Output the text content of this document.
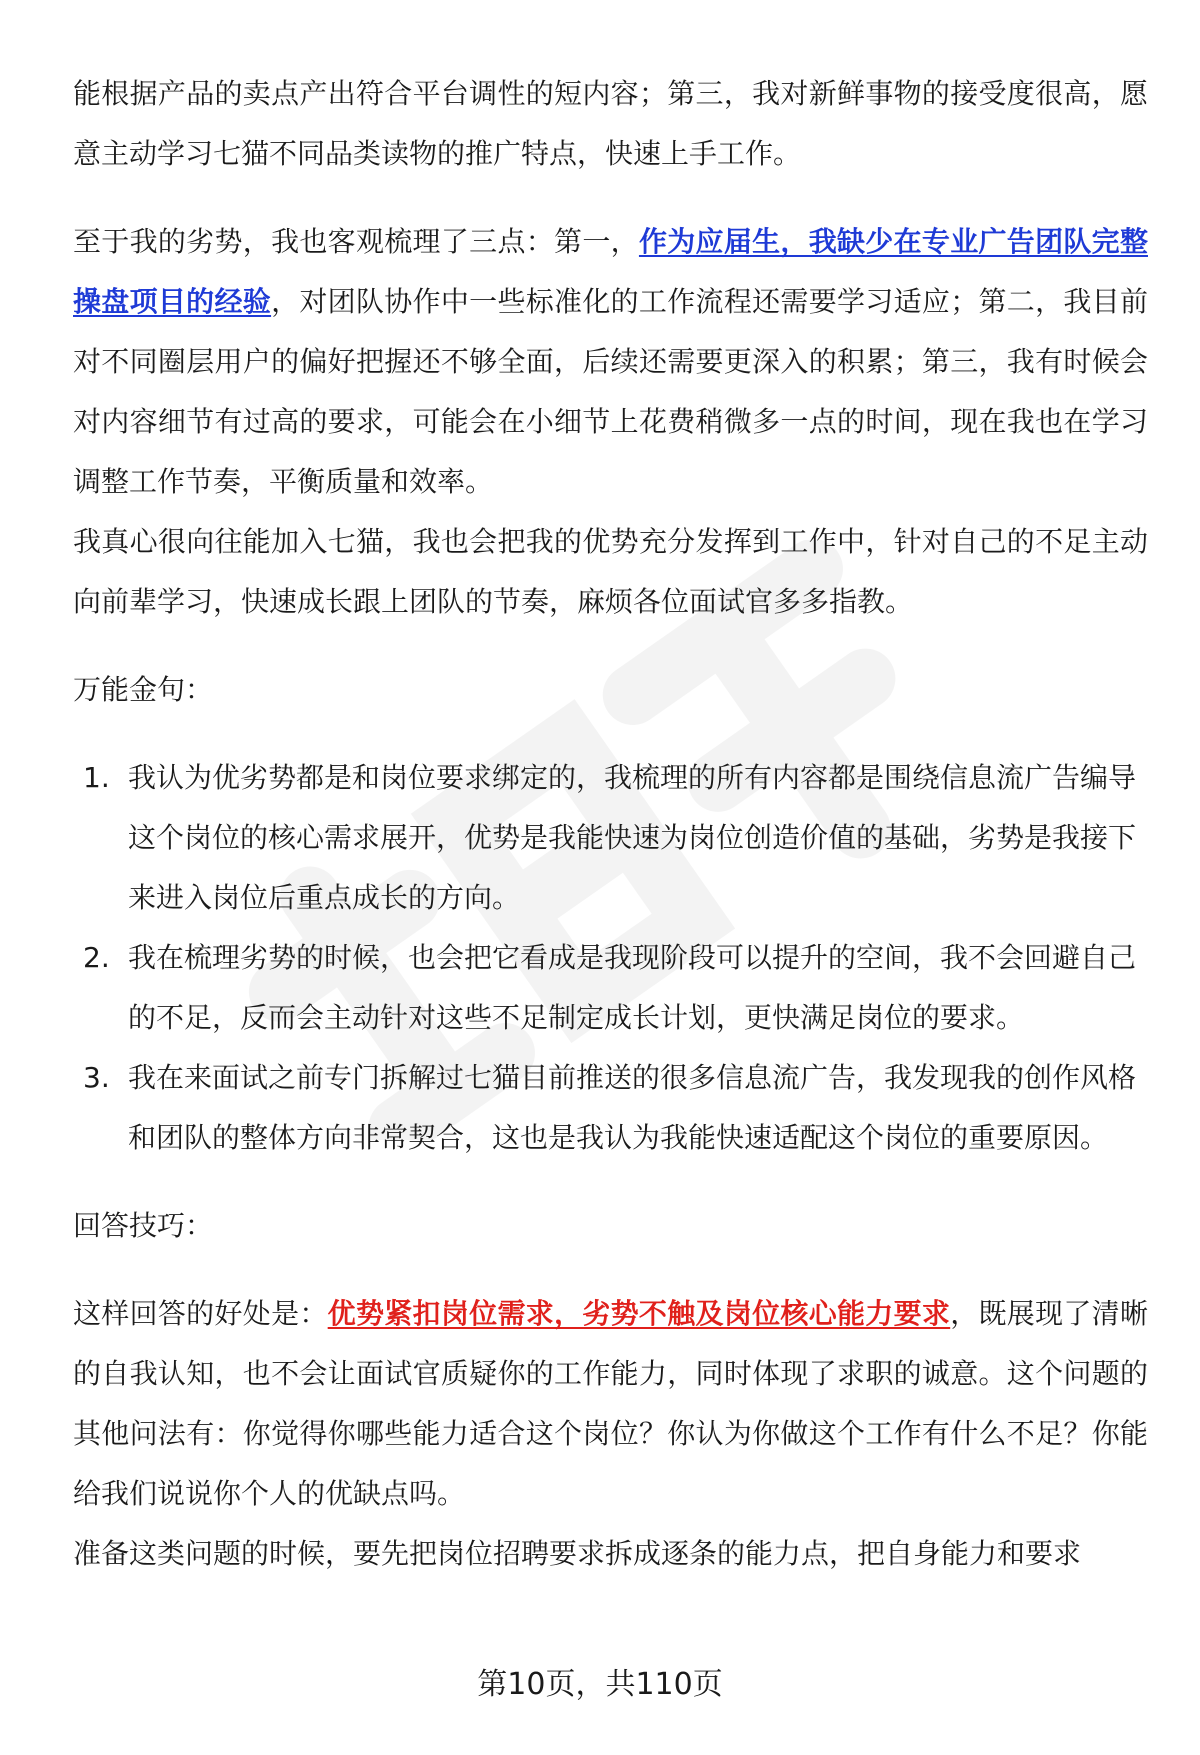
能根据产品的卖点产出符合平台调性的短内容；第三，我对新鲜事物的接受度很高，愿意主动学习七猫不同品类读物的推广特点，快速上手工作。

至于我的劣势，我也客观梳理了三点：第一，作为应届生，我缺少在专业广告团队完整操盘项目的经验，对团队协作中一些标准化的工作流程还需要学习适应；第二，我目前对不同圈层用户的偏好把握还不够全面，后续还需要更深入的积累；第三，我有时候会对内容细节有过高的要求，可能会在小细节上花费稍微多一点的时间，现在我也在学习调整工作节奏，平衡质量和效率。

我真心很向往能加入七猫，我也会把我的优势充分发挥到工作中，针对自己的不足主动向前辈学习，快速成长跟上团队的节奏，麻烦各位面试官多多指教。

万能金句：

1. 我认为优劣势都是和岗位要求绑定的，我梳理的所有内容都是围绕信息流广告编导这个岗位的核心需求展开，优势是我能快速为岗位创造价值的基础，劣势是我接下来进入岗位后重点成长的方向。
2. 我在梳理劣势的时候，也会把它看成是我现阶段可以提升的空间，我不会回避自己的不足，反而会主动针对这些不足制定成长计划，更快满足岗位的要求。
3. 我在来面试之前专门拆解过七猫目前推送的很多信息流广告，我发现我的创作风格和团队的整体方向非常契合，这也是我认为我能快速适配这个岗位的重要原因。

回答技巧：

这样回答的好处是：优势紧扣岗位需求，劣势不触及岗位核心能力要求，既展现了清晰的自我认知，也不会让面试官质疑你的工作能力，同时体现了求职的诚意。这个问题的其他问法有：你觉得你哪些能力适合这个岗位？你认为你做这个工作有什么不足？你能给我们说说你个人的优缺点吗。

准备这类问题的时候，要先把岗位招聘要求拆成逐条的能力点，把自身能力和要求

第10页，共110页
